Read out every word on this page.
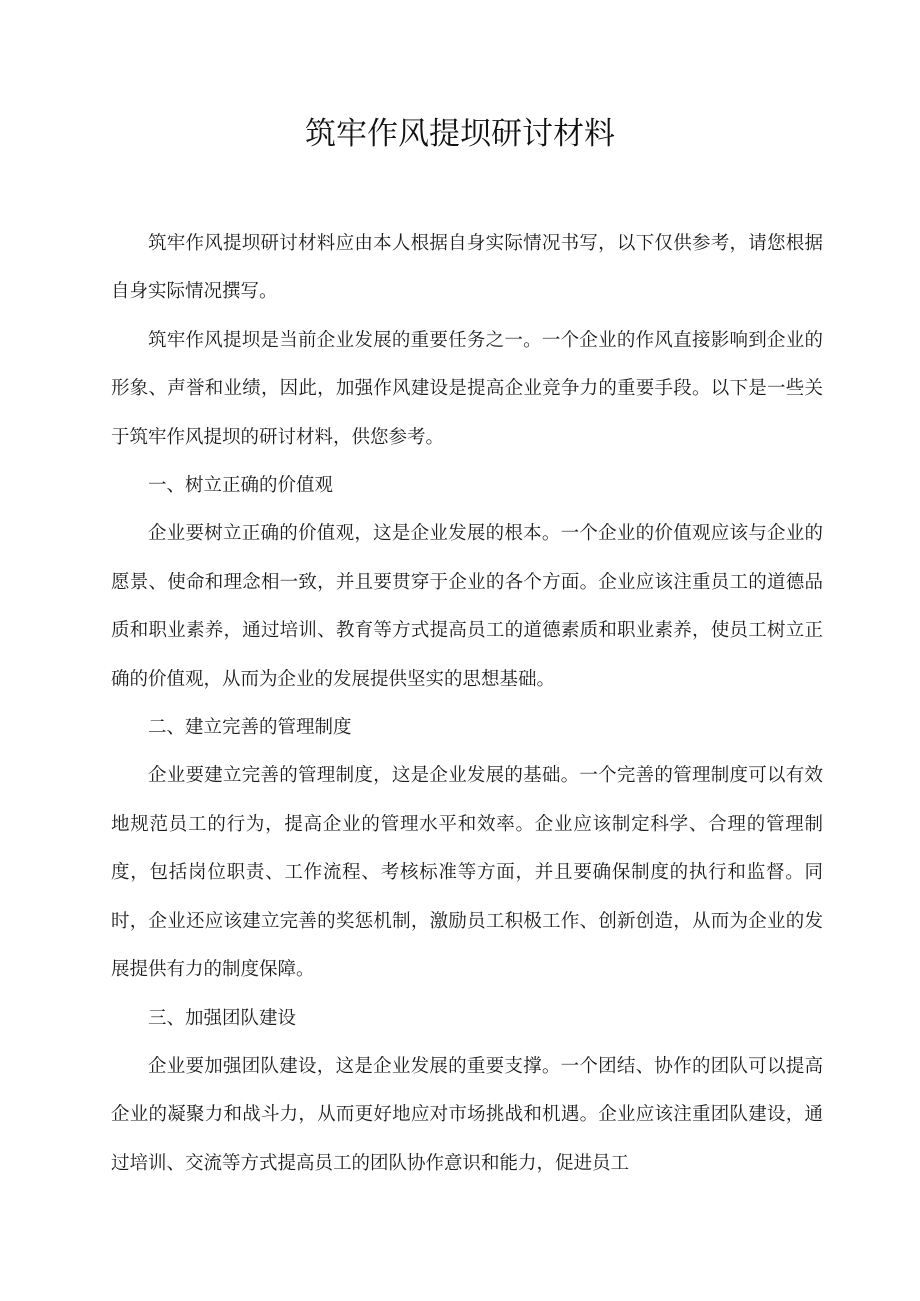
筑牢作风提坝研讨材料

筑牢作风提坝研讨材料应由本人根据自身实际情况书写，以下仅供参考，请您根据自身实际情况撰写。

筑牢作风提坝是当前企业发展的重要任务之一。一个企业的作风直接影响到企业的形象、声誉和业绩，因此，加强作风建设是提高企业竞争力的重要手段。以下是一些关于筑牢作风提坝的研讨材料，供您参考。

一、树立正确的价值观

企业要树立正确的价值观，这是企业发展的根本。一个企业的价值观应该与企业的愿景、使命和理念相一致，并且要贯穿于企业的各个方面。企业应该注重员工的道德品质和职业素养，通过培训、教育等方式提高员工的道德素质和职业素养，使员工树立正确的价值观，从而为企业的发展提供坚实的思想基础。

二、建立完善的管理制度

企业要建立完善的管理制度，这是企业发展的基础。一个完善的管理制度可以有效地规范员工的行为，提高企业的管理水平和效率。企业应该制定科学、合理的管理制度，包括岗位职责、工作流程、考核标准等方面，并且要确保制度的执行和监督。同时，企业还应该建立完善的奖惩机制，激励员工积极工作、创新创造，从而为企业的发展提供有力的制度保障。

三、加强团队建设

企业要加强团队建设，这是企业发展的重要支撑。一个团结、协作的团队可以提高企业的凝聚力和战斗力，从而更好地应对市场挑战和机遇。企业应该注重团队建设，通过培训、交流等方式提高员工的团队协作意识和能力，促进员工
